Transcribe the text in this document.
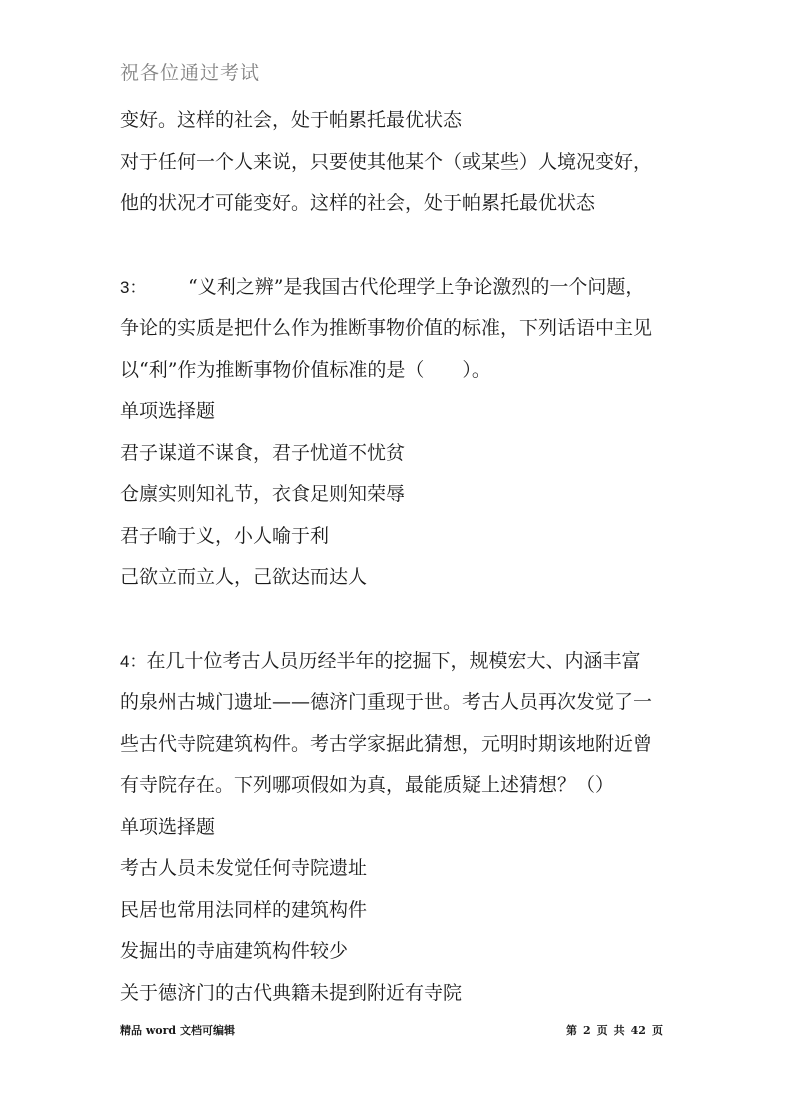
祝各位通过考试
变好。这样的社会，处于帕累托最优状态
对于任何一个人来说，只要使其他某个（或某些）人境况变好，
他的状况才可能变好。这样的社会，处于帕累托最优状态
3： “义利之辨”是我国古代伦理学上争论激烈的一个问题，
争论的实质是把什么作为推断事物价值的标准，下列话语中主见
以“利”作为推断事物价值标准的是（　　）。
单项选择题
君子谋道不谋食，君子忧道不忧贫
仓廪实则知礼节，衣食足则知荣辱
君子喻于义，小人喻于利
己欲立而立人，己欲达而达人
4：在几十位考古人员历经半年的挖掘下，规模宏大、内涵丰富
的泉州古城门遗址——德济门重现于世。考古人员再次发觉了一
些古代寺院建筑构件。考古学家据此猜想，元明时期该地附近曾
有寺院存在。下列哪项假如为真，最能质疑上述猜想？（）
单项选择题
考古人员未发觉任何寺院遗址
民居也常用法同样的建筑构件
发掘出的寺庙建筑构件较少
关于德济门的古代典籍未提到附近有寺院
精品 word 文档可编辑	第 2 页 共 42 页
